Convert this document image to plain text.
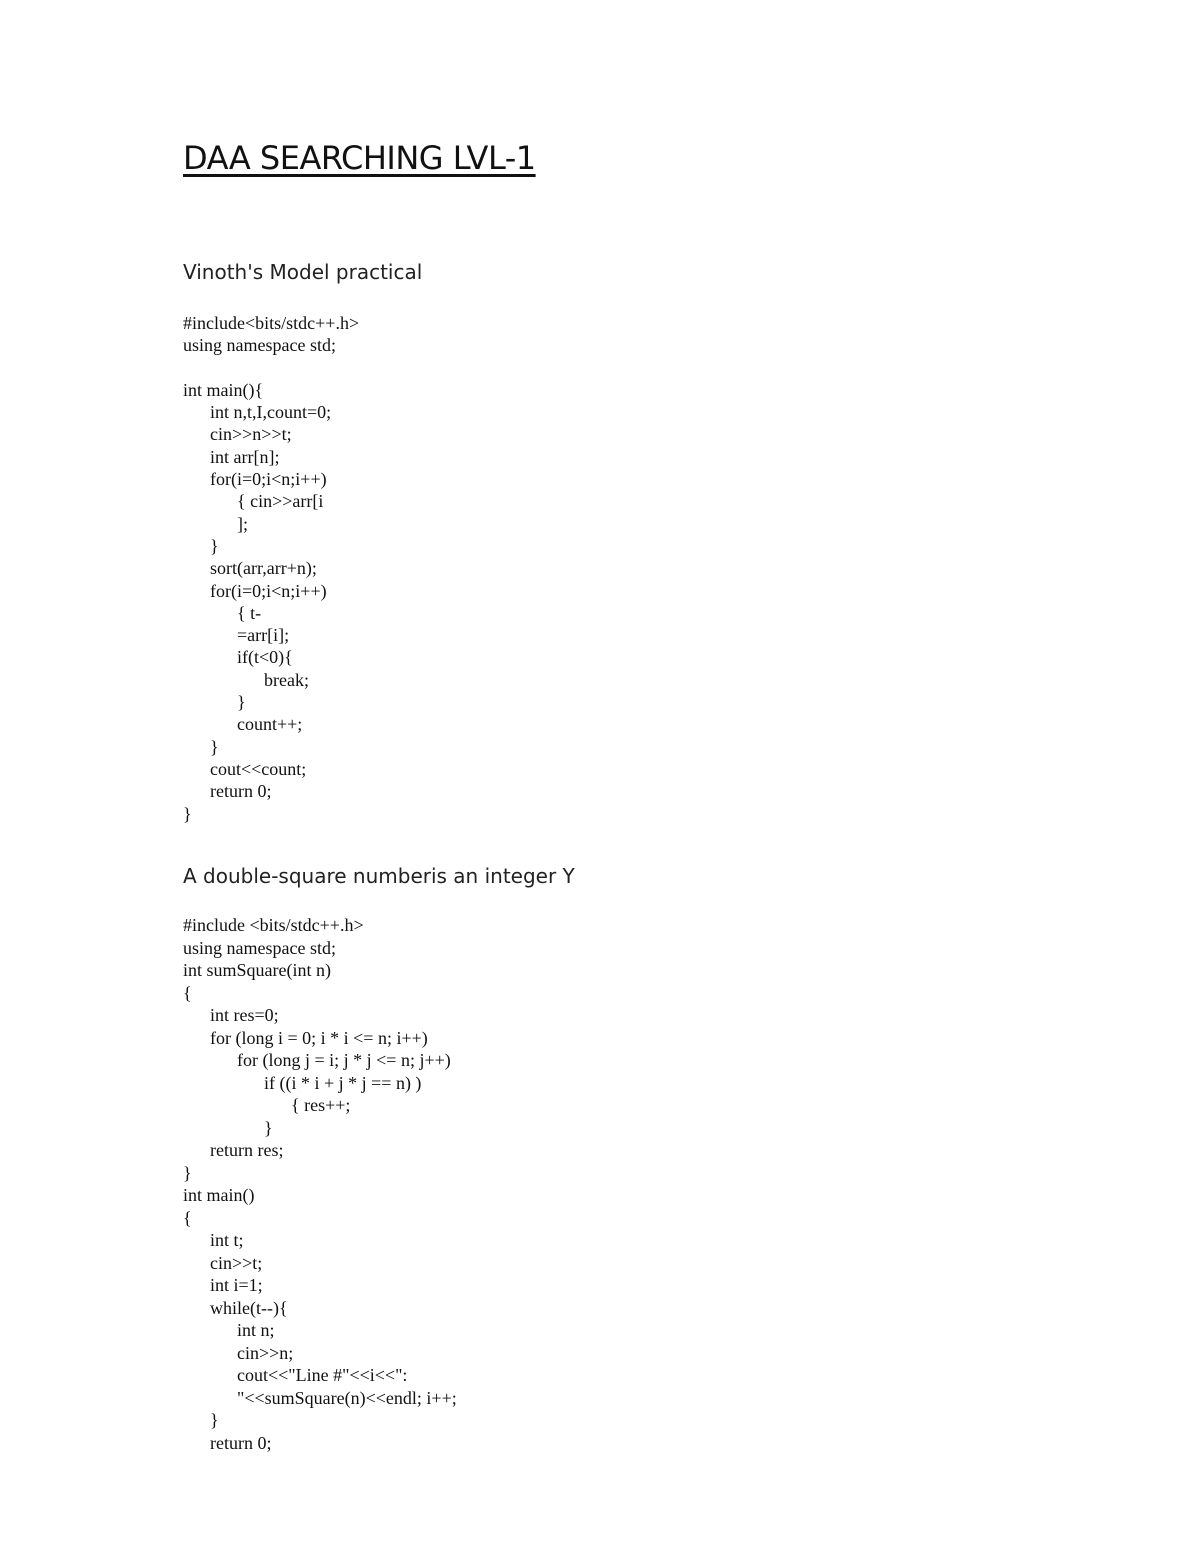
DAA SEARCHING LVL-1
Vinoth's Model practical
#include<bits/stdc++.h>
using namespace std;
int main(){
int n,t,I,count=0;
cin>>n>>t;
int arr[n];
for(i=0;i<n;i++)
{ cin>>arr[i
];
}
sort(arr,arr+n);
for(i=0;i<n;i++)
{ t-
=arr[i];
if(t<0){
break;
}
count++;
}
cout<<count;
return 0;
}
A double-square numberis an integer Y
#include <bits/stdc++.h>
using namespace std;
int sumSquare(int n)
{
int res=0;
for (long i = 0; i * i <= n; i++)
for (long j = i; j * j <= n; j++)
if ((i * i + j * j == n) )
{ res++;
}
return res;
}
int main()
{
int t;
cin>>t;
int i=1;
while(t--){
int n;
cin>>n;
cout<<"Line #"<<i<<":
"<<sumSquare(n)<<endl; i++;
}
return 0;
